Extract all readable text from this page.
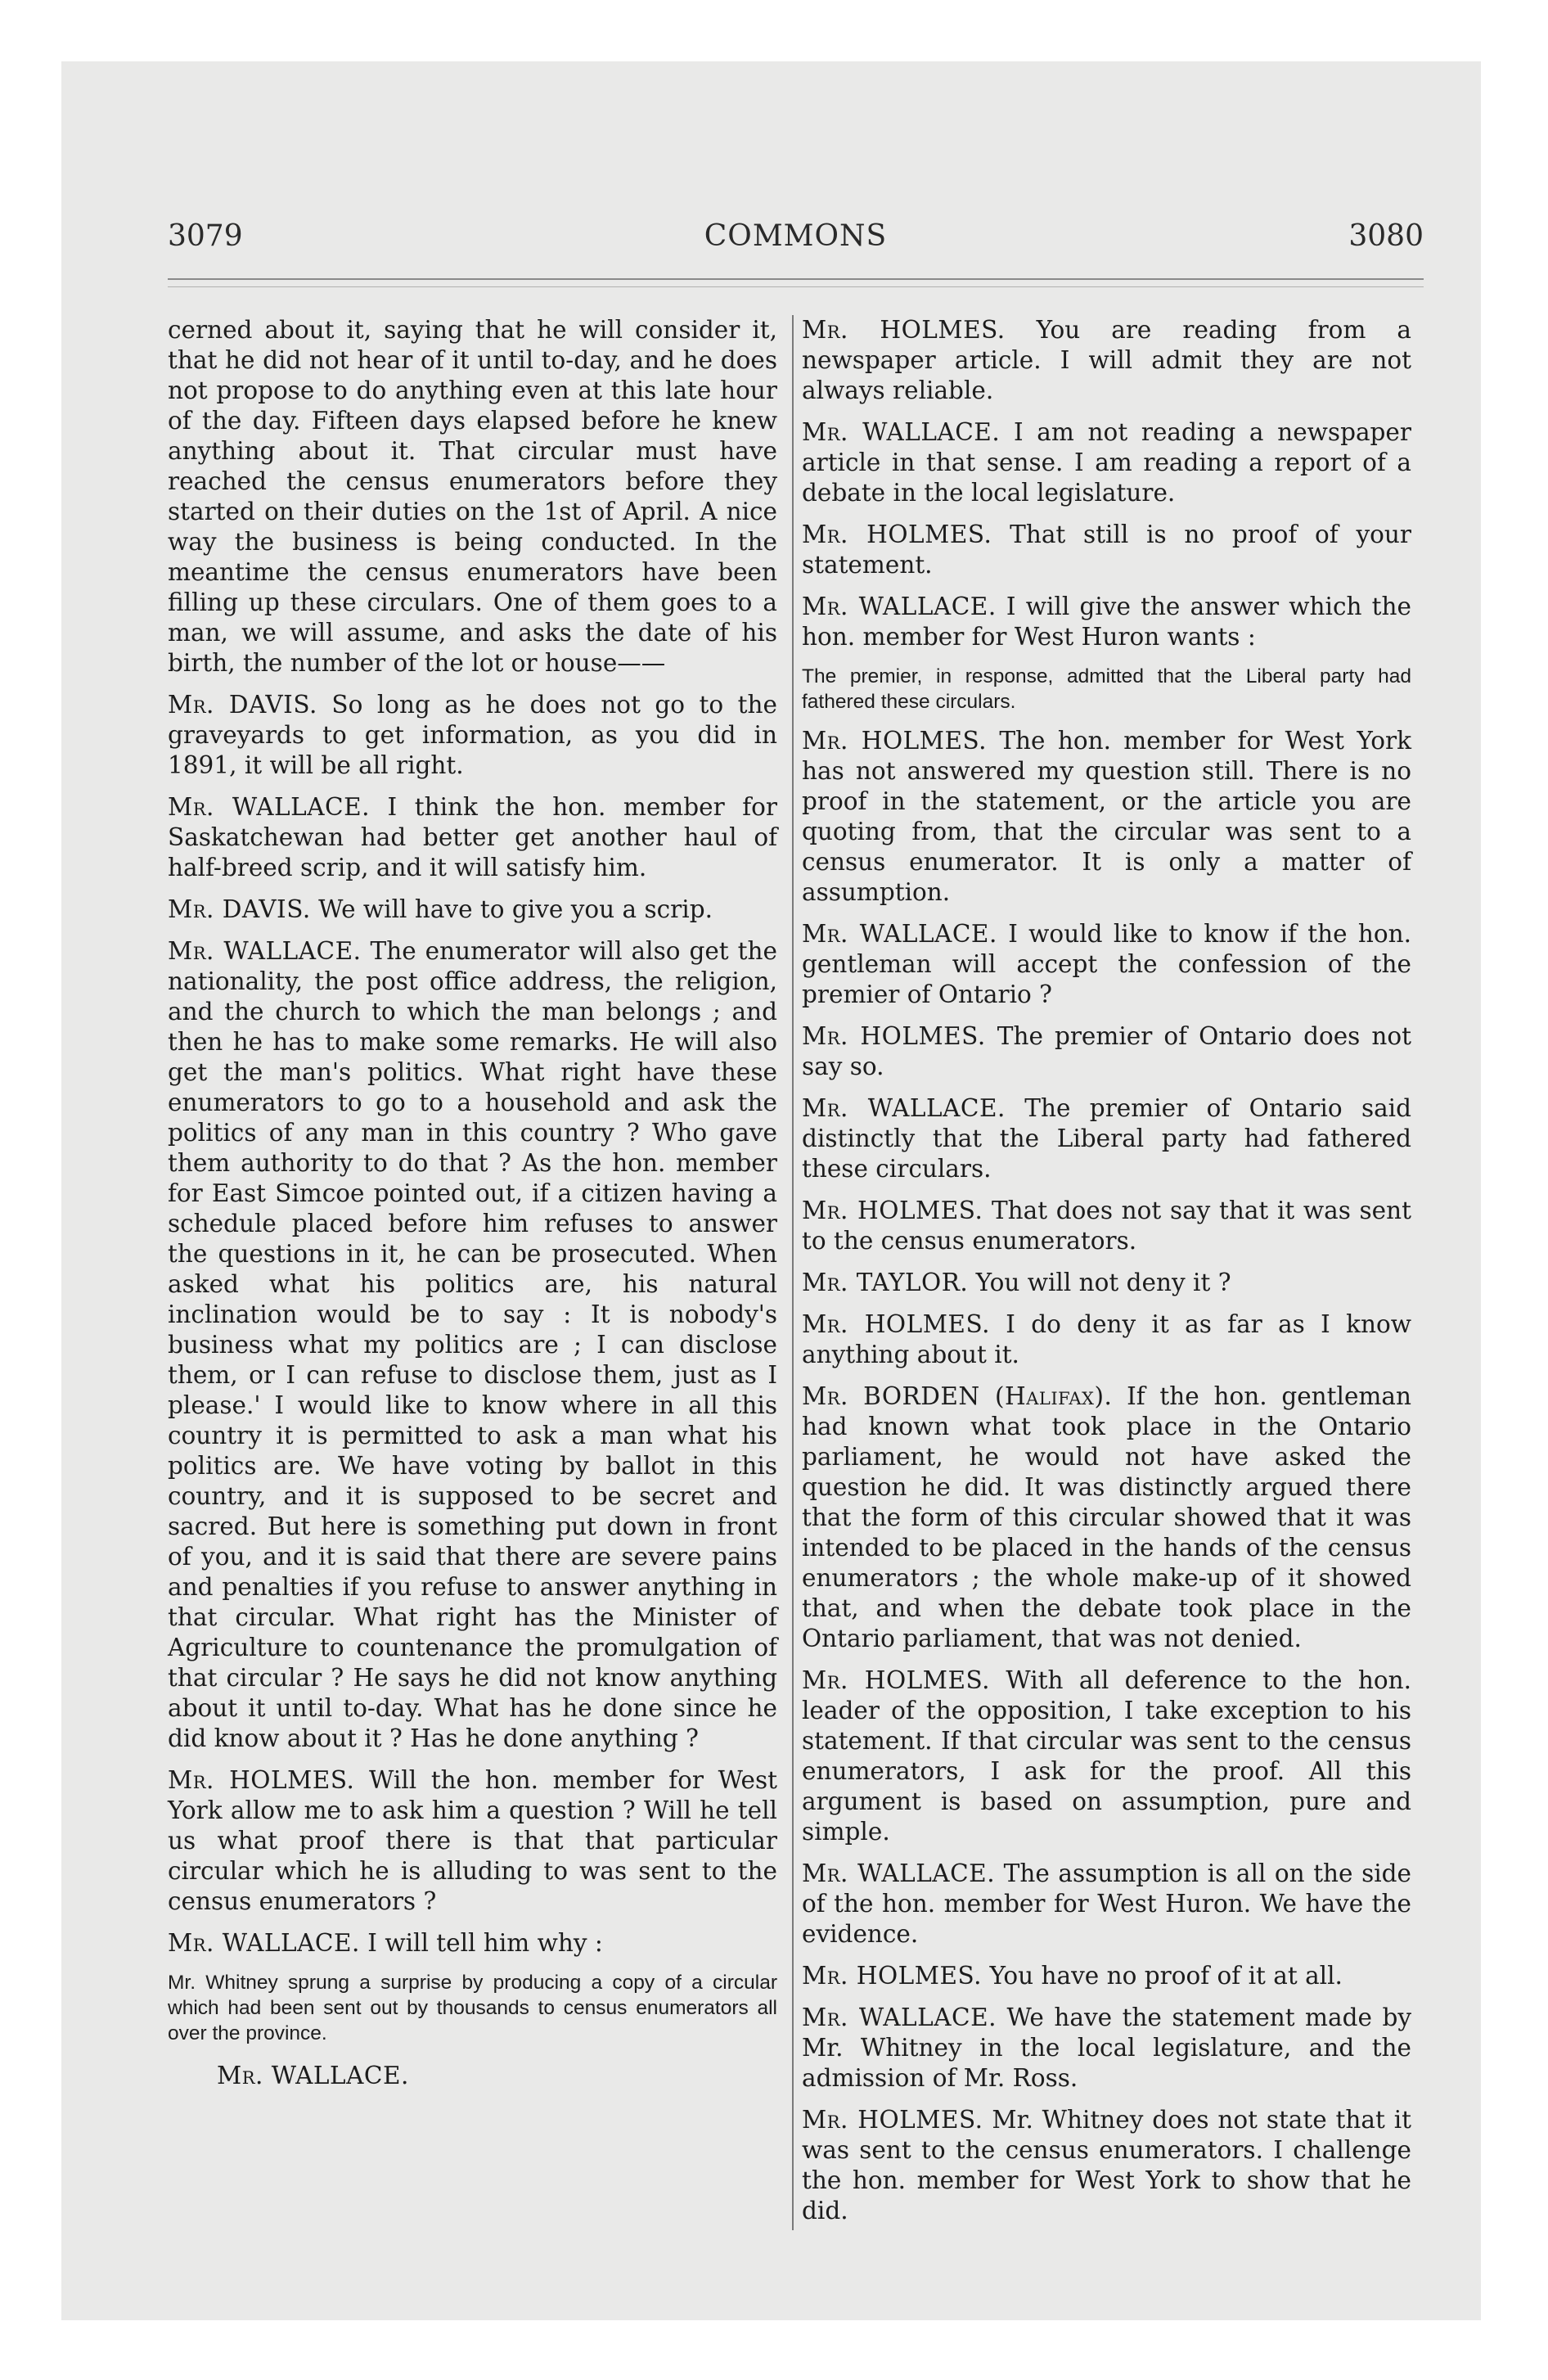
3079	COMMONS	3080

cerned about it, saying that he will consider it, that he did not hear of it until to-day, and he does not propose to do anything even at this late hour of the day. Fifteen days elapsed before he knew anything about it. That circular must have reached the census enumerators before they started on their duties on the 1st of April. A nice way the business is being conducted. In the meantime the census enumerators have been filling up these circulars. One of them goes to a man, we will assume, and asks the date of his birth, the number of the lot or house——

Mr. DAVIS. So long as he does not go to the graveyards to get information, as you did in 1891, it will be all right.

Mr. WALLACE. I think the hon. member for Saskatchewan had better get another haul of half-breed scrip, and it will satisfy him.

Mr. DAVIS. We will have to give you a scrip.

Mr. WALLACE. The enumerator will also get the nationality, the post office address, the religion, and the church to which the man belongs ; and then he has to make some remarks. He will also get the man's politics. What right have these enumerators to go to a household and ask the politics of any man in this country ? Who gave them authority to do that ? As the hon. member for East Simcoe pointed out, if a citizen having a schedule placed before him refuses to answer the questions in it, he can be prosecuted. When asked what his politics are, his natural inclination would be to say : It is nobody's business what my politics are ; I can disclose them, or I can refuse to disclose them, just as I please.' I would like to know where in all this country it is permitted to ask a man what his politics are. We have voting by ballot in this country, and it is supposed to be secret and sacred. But here is something put down in front of you, and it is said that there are severe pains and penalties if you refuse to answer anything in that circular. What right has the Minister of Agriculture to countenance the promulgation of that circular ? He says he did not know anything about it until to-day. What has he done since he did know about it ? Has he done anything ?

Mr. HOLMES. Will the hon. member for West York allow me to ask him a question ? Will he tell us what proof there is that that particular circular which he is alluding to was sent to the census enumerators ?

Mr. WALLACE. I will tell him why :

Mr. Whitney sprung a surprise by producing a copy of a circular which had been sent out by thousands to census enumerators all over the province.

Mr. WALLACE.

Mr. HOLMES. You are reading from a newspaper article. I will admit they are not always reliable.

Mr. WALLACE. I am not reading a newspaper article in that sense. I am reading a report of a debate in the local legislature.

Mr. HOLMES. That still is no proof of your statement.

Mr. WALLACE. I will give the answer which the hon. member for West Huron wants :

The premier, in response, admitted that the Liberal party had fathered these circulars.

Mr. HOLMES. The hon. member for West York has not answered my question still. There is no proof in the statement, or the article you are quoting from, that the circular was sent to a census enumerator. It is only a matter of assumption.

Mr. WALLACE. I would like to know if the hon. gentleman will accept the confession of the premier of Ontario ?

Mr. HOLMES. The premier of Ontario does not say so.

Mr. WALLACE. The premier of Ontario said distinctly that the Liberal party had fathered these circulars.

Mr. HOLMES. That does not say that it was sent to the census enumerators.

Mr. TAYLOR. You will not deny it ?

Mr. HOLMES. I do deny it as far as I know anything about it.

Mr. BORDEN (Halifax). If the hon. gentleman had known what took place in the Ontario parliament, he would not have asked the question he did. It was distinctly argued there that the form of this circular showed that it was intended to be placed in the hands of the census enumerators ; the whole make-up of it showed that, and when the debate took place in the Ontario parliament, that was not denied.

Mr. HOLMES. With all deference to the hon. leader of the opposition, I take exception to his statement. If that circular was sent to the census enumerators, I ask for the proof. All this argument is based on assumption, pure and simple.

Mr. WALLACE. The assumption is all on the side of the hon. member for West Huron. We have the evidence.

Mr. HOLMES. You have no proof of it at all.

Mr. WALLACE. We have the statement made by Mr. Whitney in the local legislature, and the admission of Mr. Ross.

Mr. HOLMES. Mr. Whitney does not state that it was sent to the census enumerators. I challenge the hon. member for West York to show that he did.
